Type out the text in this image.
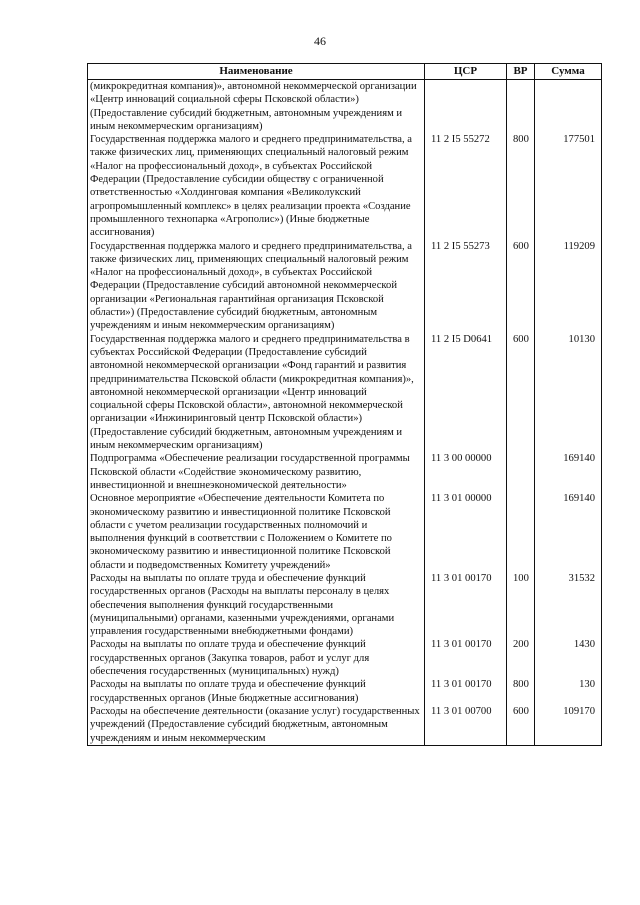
46
Наименование	ЦСР	ВР	Сумма
(микрокредитная компания)», автономной некоммерческой организации «Центр инноваций социальной сферы Псковской области») (Предоставление субсидий бюджетным, автономным учреждениям и иным некоммерческим организациям)			
Государственная поддержка малого и среднего предпринимательства, а также физических лиц, применяющих специальный налоговый режим «Налог на профессиональный доход», в субъектах Российской Федерации (Предоставление субсидии обществу с ограниченной ответственностью «Холдинговая компания «Великолукский агропромышленный комплекс» в целях реализации проекта «Создание промышленного технопарка «Агрополис») (Иные бюджетные ассигнования)	11 2 I5 55272	800	177501
Государственная поддержка малого и среднего предпринимательства, а также физических лиц, применяющих специальный налоговый режим «Налог на профессиональный доход», в субъектах Российской Федерации (Предоставление субсидий автономной некоммерческой организации «Региональная гарантийная организация Псковской области») (Предоставление субсидий бюджетным, автономным учреждениям и иным некоммерческим организациям)	11 2 I5 55273	600	119209
Государственная поддержка малого и среднего предпринимательства в субъектах Российской Федерации (Предоставление субсидий автономной некоммерческой организации «Фонд гарантий и развития предпринимательства Псковской области (микрокредитная компания)», автономной некоммерческой организации «Центр инноваций социальной сферы Псковской области», автономной некоммерческой организации «Инжиниринговый центр Псковской области») (Предоставление субсидий бюджетным, автономным учреждениям и иным некоммерческим организациям)	11 2 I5 D0641	600	10130
Подпрограмма «Обеспечение реализации государственной программы Псковской области «Содействие экономическому развитию, инвестиционной и внешнеэкономической деятельности»	11 3 00 00000		169140
Основное мероприятие «Обеспечение деятельности Комитета по экономическому развитию и инвестиционной политике Псковской области с учетом реализации государственных полномочий и выполнения функций в соответствии с Положением о Комитете по экономическому развитию и инвестиционной политике Псковской области и подведомственных Комитету учреждений»	11 3 01 00000		169140
Расходы на выплаты по оплате труда и обеспечение функций государственных органов (Расходы на выплаты персоналу в целях обеспечения выполнения функций государственными (муниципальными) органами, казенными учреждениями, органами управления государственными внебюджетными фондами)	11 3 01 00170	100	31532
Расходы на выплаты по оплате труда и обеспечение функций государственных органов (Закупка товаров, работ и услуг для обеспечения государственных (муниципальных) нужд)	11 3 01 00170	200	1430
Расходы на выплаты по оплате труда и обеспечение функций государственных органов (Иные бюджетные ассигнования)	11 3 01 00170	800	130
Расходы на обеспечение деятельности (оказание услуг) государственных учреждений (Предоставление субсидий бюджетным, автономным учреждениям и иным некоммерческим	11 3 01 00700	600	109170
